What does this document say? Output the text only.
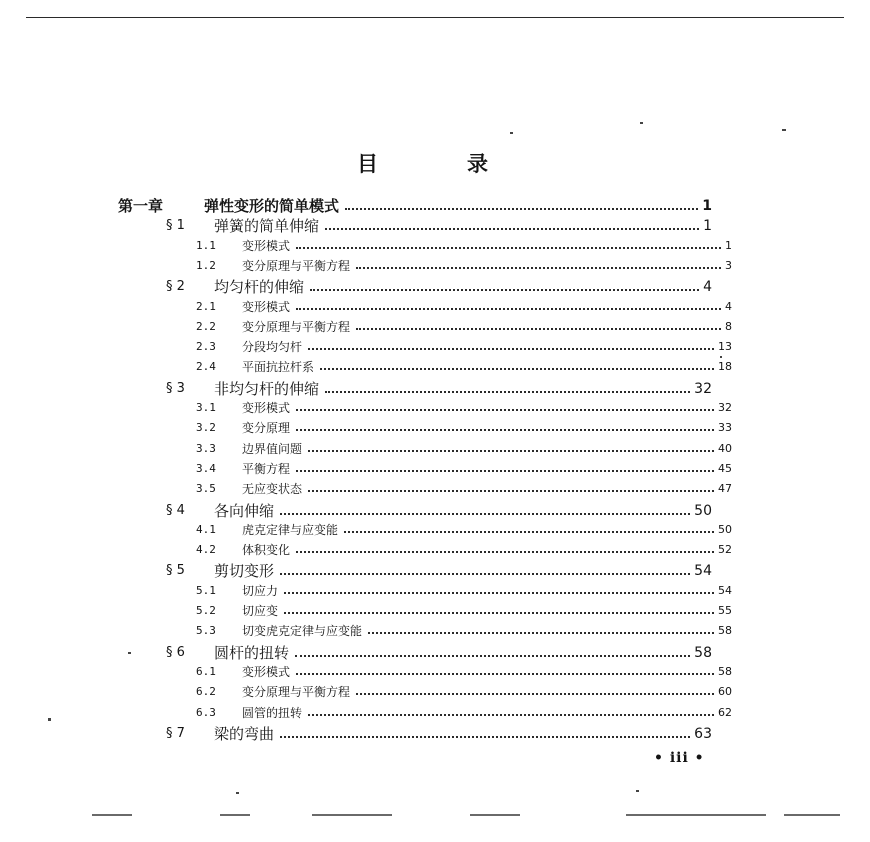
目	录
第一章	弹性变形的简单模式	1
§ 1	弹簧的简单伸缩	1
1.1	变形模式	1
1.2	变分原理与平衡方程	3
§ 2	均匀杆的伸缩	4
2.1	变形模式	4
2.2	变分原理与平衡方程	8
2.3	分段均匀杆	13
2.4	平面抗拉杆系	18
§ 3	非均匀杆的伸缩	32
3.1	变形模式	32
3.2	变分原理	33
3.3	边界值问题	40
3.4	平衡方程	45
3.5	无应变状态	47
§ 4	各向伸缩	50
4.1	虎克定律与应变能	50
4.2	体积变化	52
§ 5	剪切变形	54
5.1	切应力	54
5.2	切应变	55
5.3	切变虎克定律与应变能	58
§ 6	圆杆的扭转	58
6.1	变形模式	58
6.2	变分原理与平衡方程	60
6.3	圆管的扭转	62
§ 7	梁的弯曲	63
• iii •
